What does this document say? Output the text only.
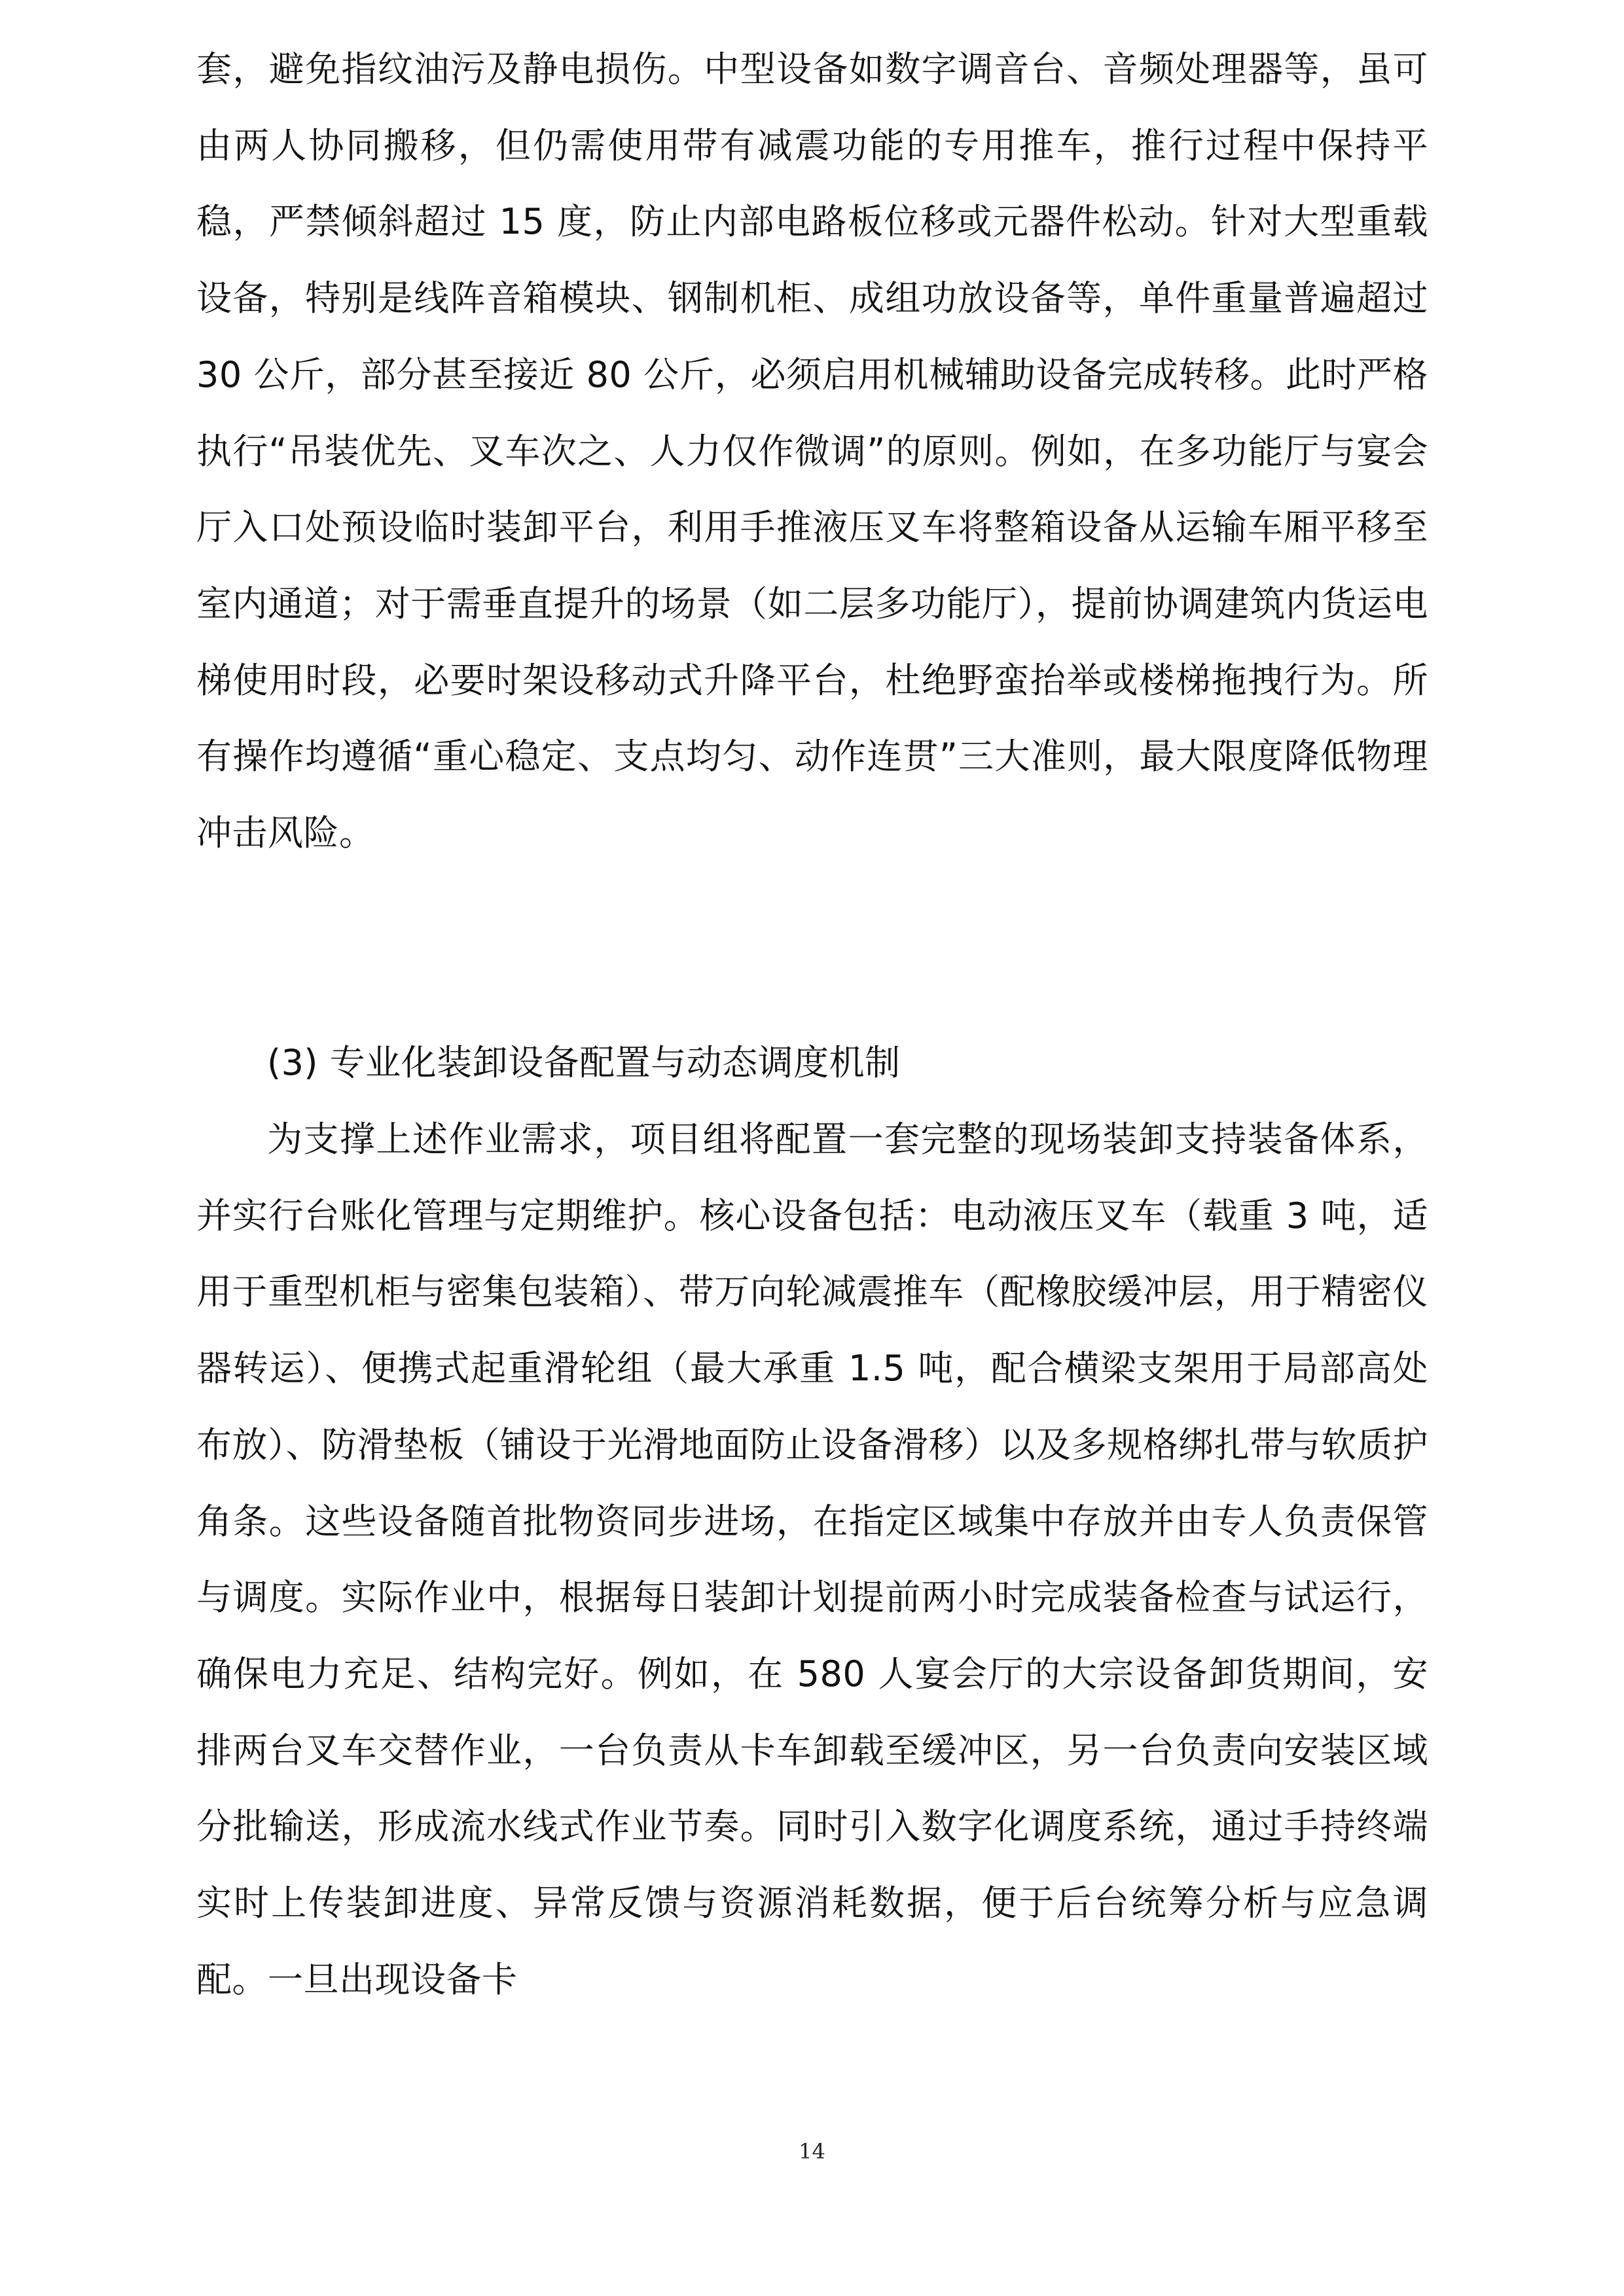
套，避免指纹油污及静电损伤。中型设备如数字调音台、音频处理器等，虽可由两人协同搬移，但仍需使用带有减震功能的专用推车，推行过程中保持平稳，严禁倾斜超过 15 度，防止内部电路板位移或元器件松动。针对大型重载设备，特别是线阵音箱模块、钢制机柜、成组功放设备等，单件重量普遍超过 30 公斤，部分甚至接近 80 公斤，必须启用机械辅助设备完成转移。此时严格执行“吊装优先、叉车次之、人力仅作微调”的原则。例如，在多功能厅与宴会厅入口处预设临时装卸平台，利用手推液压叉车将整箱设备从运输车厢平移至室内通道；对于需垂直提升的场景（如二层多功能厅），提前协调建筑内货运电梯使用时段，必要时架设移动式升降平台，杜绝野蛮抬举或楼梯拖拽行为。所有操作均遵循“重心稳定、支点均匀、动作连贯”三大准则，最大限度降低物理冲击风险。

(3) 专业化装卸设备配置与动态调度机制

为支撑上述作业需求，项目组将配置一套完整的现场装卸支持装备体系，并实行台账化管理与定期维护。核心设备包括：电动液压叉车（载重 3 吨，适用于重型机柜与密集包装箱）、带万向轮减震推车（配橡胶缓冲层，用于精密仪器转运）、便携式起重滑轮组（最大承重 1.5 吨，配合横梁支架用于局部高处布放）、防滑垫板（铺设于光滑地面防止设备滑移）以及多规格绑扎带与软质护角条。这些设备随首批物资同步进场，在指定区域集中存放并由专人负责保管与调度。实际作业中，根据每日装卸计划提前两小时完成装备检查与试运行，确保电力充足、结构完好。例如，在 580 人宴会厅的大宗设备卸货期间，安排两台叉车交替作业，一台负责从卡车卸载至缓冲区，另一台负责向安装区域分批输送，形成流水线式作业节奏。同时引入数字化调度系统，通过手持终端实时上传装卸进度、异常反馈与资源消耗数据，便于后台统筹分析与应急调配。一旦出现设备卡

14
